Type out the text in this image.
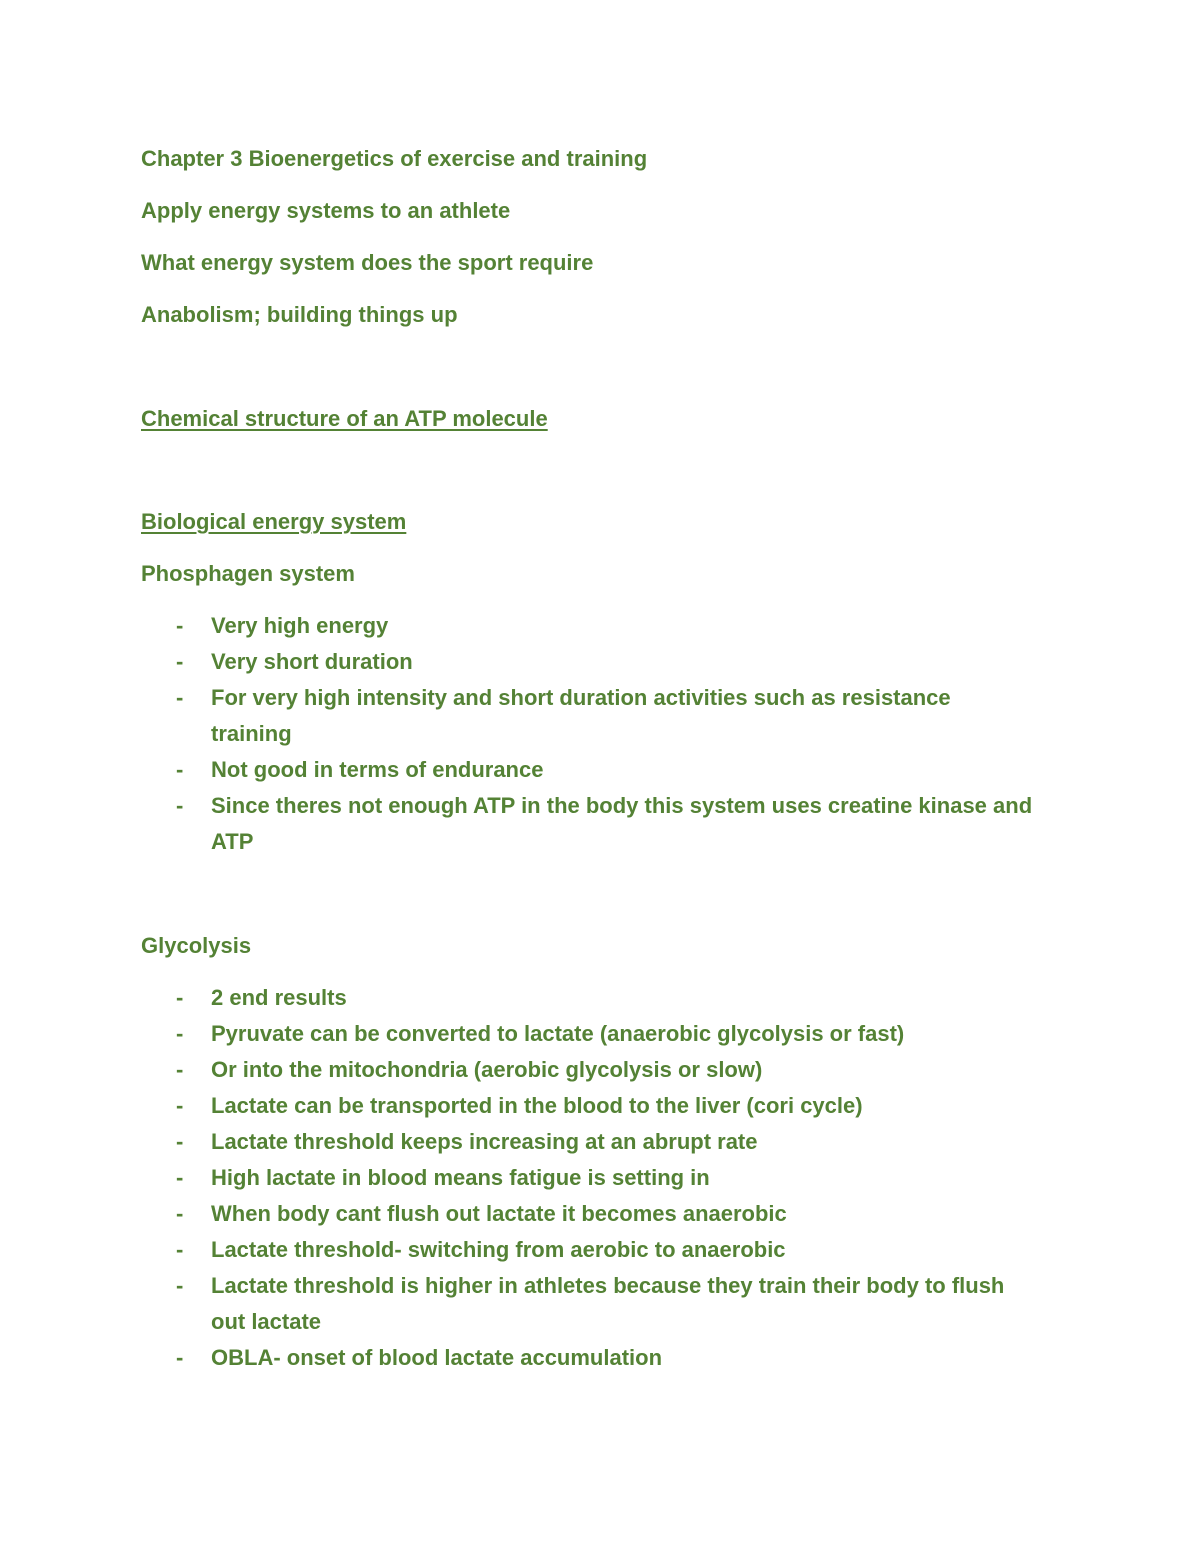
Chapter 3 Bioenergetics of exercise and training
Apply energy systems to an athlete
What energy system does the sport require
Anabolism; building things up
Chemical structure of an ATP molecule
Biological energy system
Phosphagen system
- Very high energy
- Very short duration
- For very high intensity and short duration activities such as resistance training
- Not good in terms of endurance
- Since theres not enough ATP in the body this system uses creatine kinase and ATP
Glycolysis
- 2 end results
- Pyruvate can be converted to lactate (anaerobic glycolysis or fast)
- Or into the mitochondria (aerobic glycolysis or slow)
- Lactate can be transported in the blood to the liver (cori cycle)
- Lactate threshold keeps increasing at an abrupt rate
- High lactate in blood means fatigue is setting in
- When body cant flush out lactate it becomes anaerobic
- Lactate threshold- switching from aerobic to anaerobic
- Lactate threshold is higher in athletes because they train their body to flush out lactate
- OBLA- onset of blood lactate accumulation
